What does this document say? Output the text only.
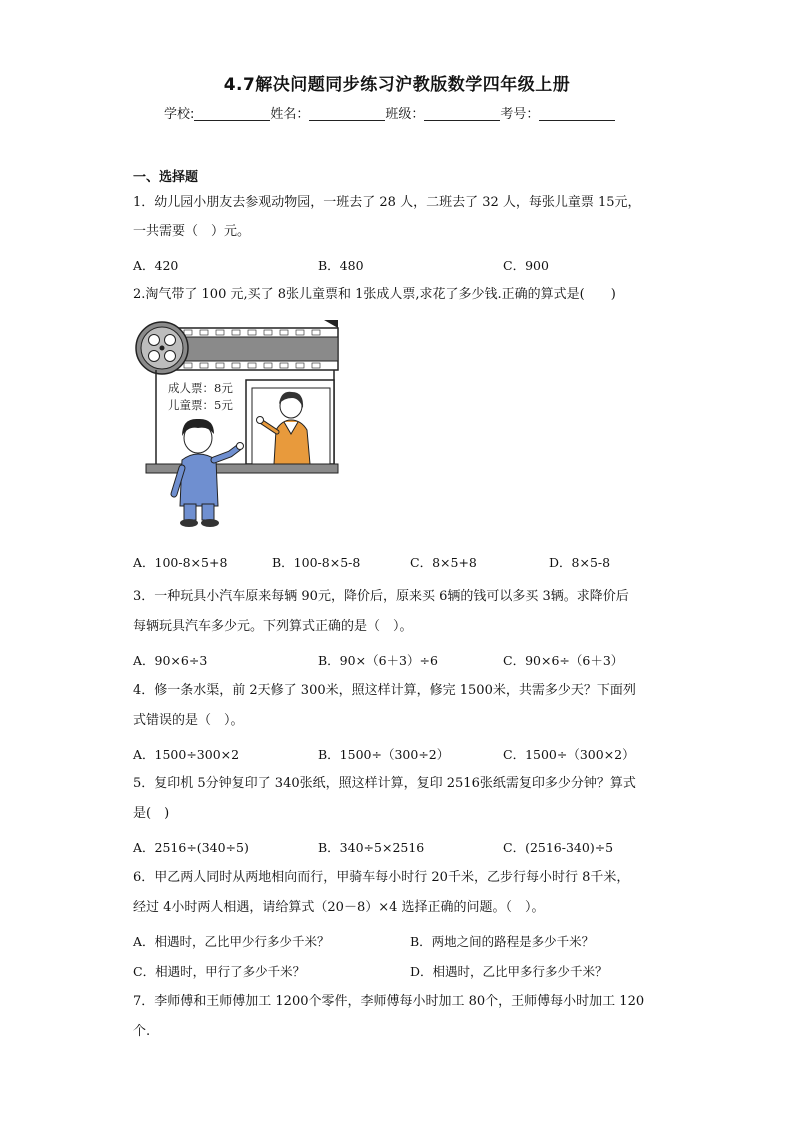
4.7解决问题同步练习沪教版数学四年级上册
学校:	姓名：	班级：	考号：
一、选择题
1．幼儿园小朋友去参观动物园，一班去了 28 人，二班去了 32 人，每张儿童票 15元，
一共需要（　）元。
A．420	B．480	C．900
2.淘气带了 100 元,买了 8张儿童票和 1张成人票,求花了多少钱.正确的算式是(　　)
成人票：8元
儿童票：5元
A．100-8×5+8	B．100-8×5-8	C．8×5+8	D．8×5-8
3．一种玩具小汽车原来每辆 90元，降价后，原来买 6辆的钱可以多买 3辆。求降价后
每辆玩具汽车多少元。下列算式正确的是（　）。
A．90×6÷3	B．90×（6＋3）÷6	C．90×6÷（6＋3）
4．修一条水渠，前 2天修了 300米，照这样计算，修完 1500米，共需多少天？下面列
式错误的是（　）。
A．1500÷300×2	B．1500÷（300÷2）	C．1500÷（300×2）
5．复印机 5分钟复印了 340张纸，照这样计算，复印 2516张纸需复印多少分钟？算式
是(　)
A．2516÷(340÷5)	B．340÷5×2516	C．(2516-340)÷5
6．甲乙两人同时从两地相向而行，甲骑车每小时行 20千米，乙步行每小时行 8千米，
经过 4小时两人相遇，请给算式（20－8）×4 选择正确的问题。（　）。
A．相遇时，乙比甲少行多少千米？	B．两地之间的路程是多少千米？
C．相遇时，甲行了多少千米？	D．相遇时，乙比甲多行多少千米？
7．李师傅和王师傅加工 1200个零件，李师傅每小时加工 80个，王师傅每小时加工 120
个.
